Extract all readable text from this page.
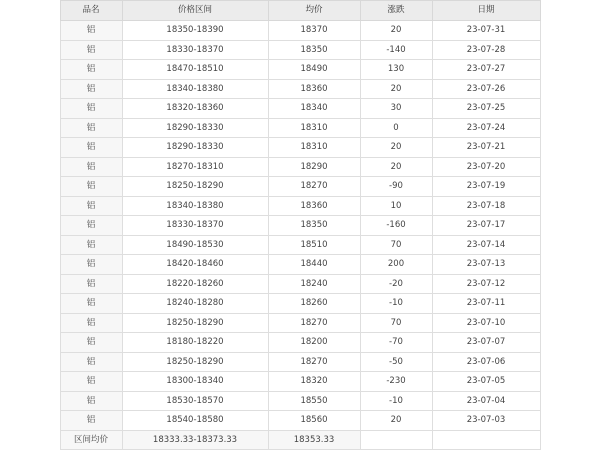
品名	价格区间	均价	涨跌	日期
铝	18350-18390	18370	20	23-07-31
铝	18330-18370	18350	-140	23-07-28
铝	18470-18510	18490	130	23-07-27
铝	18340-18380	18360	20	23-07-26
铝	18320-18360	18340	30	23-07-25
铝	18290-18330	18310	0	23-07-24
铝	18290-18330	18310	20	23-07-21
铝	18270-18310	18290	20	23-07-20
铝	18250-18290	18270	-90	23-07-19
铝	18340-18380	18360	10	23-07-18
铝	18330-18370	18350	-160	23-07-17
铝	18490-18530	18510	70	23-07-14
铝	18420-18460	18440	200	23-07-13
铝	18220-18260	18240	-20	23-07-12
铝	18240-18280	18260	-10	23-07-11
铝	18250-18290	18270	70	23-07-10
铝	18180-18220	18200	-70	23-07-07
铝	18250-18290	18270	-50	23-07-06
铝	18300-18340	18320	-230	23-07-05
铝	18530-18570	18550	-10	23-07-04
铝	18540-18580	18560	20	23-07-03
区间均价	18333.33-18373.33	18353.33		
